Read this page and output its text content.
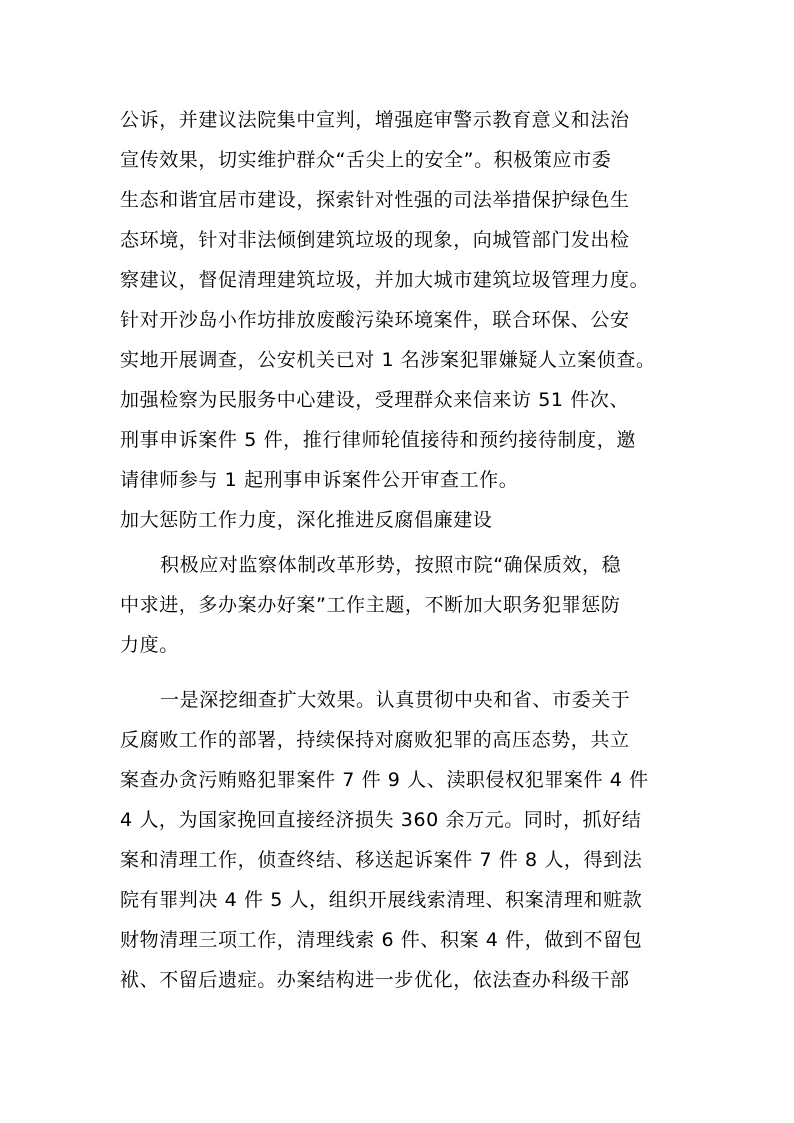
公诉，并建议法院集中宣判，增强庭审警示教育意义和法治
宣传效果，切实维护群众“舌尖上的安全”。积极策应市委
生态和谐宜居市建设，探索针对性强的司法举措保护绿色生
态环境，针对非法倾倒建筑垃圾的现象，向城管部门发出检
察建议，督促清理建筑垃圾，并加大城市建筑垃圾管理力度。
针对开沙岛小作坊排放废酸污染环境案件，联合环保、公安
实地开展调查，公安机关已对 1 名涉案犯罪嫌疑人立案侦查。
加强检察为民服务中心建设，受理群众来信来访 51 件次、
刑事申诉案件 5 件，推行律师轮值接待和预约接待制度，邀
请律师参与 1 起刑事申诉案件公开审查工作。
加大惩防工作力度，深化推进反腐倡廉建设
积极应对监察体制改革形势，按照市院“确保质效，稳
中求进，多办案办好案”工作主题，不断加大职务犯罪惩防
力度。
一是深挖细查扩大效果。认真贯彻中央和省、市委关于
反腐败工作的部署，持续保持对腐败犯罪的高压态势，共立
案查办贪污贿赂犯罪案件 7 件 9 人、渎职侵权犯罪案件 4 件
4 人，为国家挽回直接经济损失 360 余万元。同时，抓好结
案和清理工作，侦查终结、移送起诉案件 7 件 8 人，得到法
院有罪判决 4 件 5 人，组织开展线索清理、积案清理和赃款
财物清理三项工作，清理线索 6 件、积案 4 件，做到不留包
袱、不留后遗症。办案结构进一步优化，依法查办科级干部
